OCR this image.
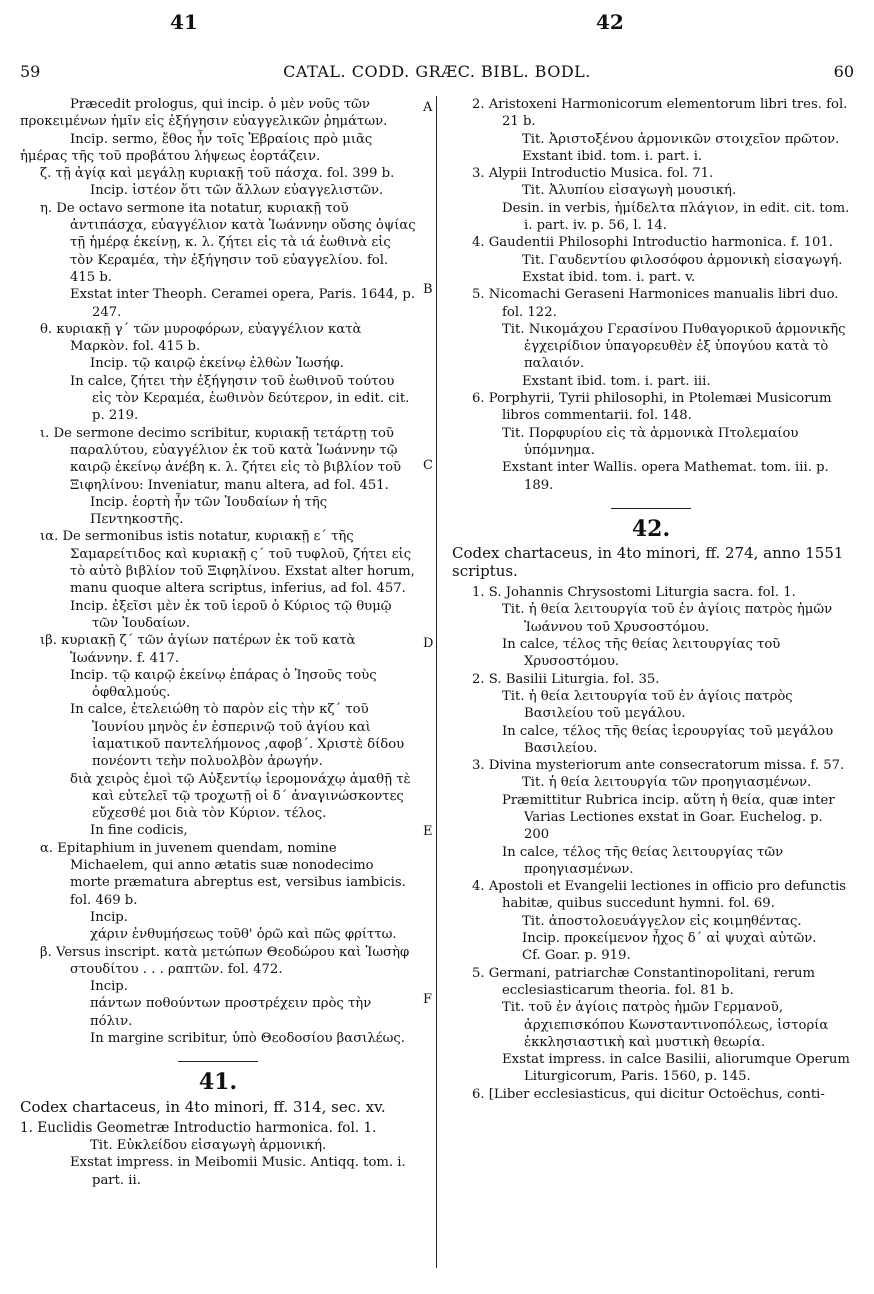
41	42
CATAL. CODD. GRÆC. BIBL. BODL.
59	60
A
B
C
D
E
F

Præcedit prologus, qui incip. ὁ μὲν νοῦς τῶν προκειμένων ἡμῖν εἰς ἐξήγησιν εὐαγγελικῶν ῥημάτων.

Incip. sermo, ἔθος ἦν τοῖς Ἑβραίοις πρὸ μιᾶς ἡμέρας τῆς τοῦ προβάτου λήψεως ἑορτάζειν.

ζ. τῇ ἁγίᾳ καὶ μεγάλῃ κυριακῇ τοῦ πάσχα. fol. 399 b.

Incip. ἰστέον ὅτι τῶν ἄλλων εὐαγγελιστῶν.

η. De octavo sermone ita notatur, κυριακῇ τοῦ ἀντιπάσχα, εὐαγγέλιον κατὰ Ἰωάννην οὔσης ὀψίας τῇ ἡμέρᾳ ἐκείνῃ, κ. λ. ζήτει εἰς τὰ ιά ἑωθινὰ εἰς τὸν Κεραμέα, τὴν ἐξήγησιν τοῦ εὐαγγελίου. fol. 415 b.

Exstat inter Theoph. Ceramei opera, Paris. 1644, p. 247.

θ. κυριακῇ γ´ τῶν μυροφόρων, εὐαγγέλιον κατὰ Μαρκὸν. fol. 415 b.

Incip. τῷ καιρῷ ἐκείνῳ ἐλθὼν Ἰωσήφ.

In calce, ζήτει τὴν ἐξήγησιν τοῦ ἑωθινοῦ τούτου εἰς τὸν Κεραμέα, ἑωθινὸν δεύτερον, in edit. cit. p. 219.

ι. De sermone decimo scribitur, κυριακῇ τετάρτῃ τοῦ παραλύτου, εὐαγγέλιον ἐκ τοῦ κατὰ Ἰωάννην τῷ καιρῷ ἐκείνῳ ἀνέβη κ. λ. ζήτει εἰς τὸ βιβλίον τοῦ Ξιφηλίνου: Inveniatur, manu altera, ad fol. 451.

Incip. ἑορτὴ ἦν τῶν Ἰουδαίων ἡ τῆς Πεντηκοστῆς.

ια. De sermonibus istis notatur, κυριακῇ ε´ τῆς Σαμαρείτιδος καὶ κυριακῇ ς´ τοῦ τυφλοῦ, ζήτει εἰς τὸ αὐτὸ βιβλίον τοῦ Ξιφηλίνου. Exstat alter horum, manu quoque altera scriptus, inferius, ad fol. 457.

Incip. ἐξεῖσι μὲν ἐκ τοῦ ἱεροῦ ὁ Κύριος τῷ θυμῷ τῶν Ἰουδαίων.

ιβ. κυριακῇ ζ´ τῶν ἁγίων πατέρων ἐκ τοῦ κατὰ Ἰωάννην. f. 417.

Incip. τῷ καιρῷ ἐκείνῳ ἐπάρας ὁ Ἰησοῦς τοὺς ὀφθαλμούς.

In calce, ἐτελειώθη τὸ παρὸν εἰς τὴν κζ´ τοῦ Ἰουνίου μηνὸς ἐν ἑσπερινῷ τοῦ ἁγίου καὶ ἰαματικοῦ παντελήμονος ,αφοβ´. Χριστὲ δίδου πονέοντι τεὴν πολυολβὸν ἀρωγήν.

διὰ χειρὸς ἐμοὶ τῷ Αὐξεντίῳ ἱερομονάχῳ ἀμαθῇ τὲ καὶ εὐτελεῖ τῷ τροχωτῇ οἱ δ´ ἀναγινώσκοντες εὔχεσθέ μοι διὰ τὸν Κύριον. τέλος.

In fine codicis,

α. Epitaphium in juvenem quendam, nomine Michaelem, qui anno ætatis suæ nonodecimo morte præmatura abreptus est, versibus iambicis. fol. 469 b.

Incip.

χάριν ἐνθυμήσεως τοῦθ' ὁρῶ καὶ πῶς φρίττω.

β. Versus inscript. κατὰ μετώπων Θεοδώρου καὶ Ἰωσὴφ στουδίτου . . . ραπτῶν. fol. 472.

Incip.

πάντων ποθούντων προστρέχειν πρὸς τὴν πόλιν.

In margine scribitur, ὑπὸ Θεοδοσίου βασιλέως.

41.

Codex chartaceus, in 4to minori, ff. 314, sec. xv.

1. Euclidis Geometræ Introductio harmonica. fol. 1.

Tit. Εὐκλείδου εἰσαγωγὴ ἁρμονική.

Exstat impress. in Meibomii Music. Antiqq. tom. i. part. ii.

2. Aristoxeni Harmonicorum elementorum libri tres. fol. 21 b.

Tit. Ἀριστοξένου ἁρμονικῶν στοιχεῖον πρῶτον.

Exstant ibid. tom. i. part. i.

3. Alypii Introductio Musica. fol. 71.

Tit. Ἀλυπίου εἰσαγωγὴ μουσική.

Desin. in verbis, ἡμίδελτα πλάγιον, in edit. cit. tom. i. part. iv. p. 56, l. 14.

4. Gaudentii Philosophi Introductio harmonica. f. 101.

Tit. Γαυδεντίου φιλοσόφου ἁρμονικὴ εἰσαγωγή.

Exstat ibid. tom. i. part. v.

5. Nicomachi Geraseni Harmonices manualis libri duo. fol. 122.

Tit. Νικομάχου Γερασίνου Πυθαγορικοῦ ἁρμονικῆς ἐγχειρίδιον ὑπαγορευθὲν ἐξ ὑπογύου κατὰ τὸ παλαιόν.

Exstant ibid. tom. i. part. iii.

6. Porphyrii, Tyrii philosophi, in Ptolemæi Musicorum libros commentarii. fol. 148.

Tit. Πορφυρίου εἰς τὰ ἁρμονικὰ Πτολεμαίου ὑπόμνημα.

Exstant inter Wallis. opera Mathemat. tom. iii. p. 189.

42.

Codex chartaceus, in 4to minori, ff. 274, anno 1551 scriptus.

1. S. Johannis Chrysostomi Liturgia sacra. fol. 1.

Tit. ἡ θεία λειτουργία τοῦ ἐν ἁγίοις πατρὸς ἡμῶν Ἰωάννου τοῦ Χρυσοστόμου.

In calce, τέλος τῆς θείας λειτουργίας τοῦ Χρυσοστόμου.

2. S. Basilii Liturgia. fol. 35.

Tit. ἡ θεία λειτουργία τοῦ ἐν ἁγίοις πατρὸς Βασιλείου τοῦ μεγάλου.

In calce, τέλος τῆς θείας ἱερουργίας τοῦ μεγάλου Βασιλείου.

3. Divina mysteriorum ante consecratorum missa. f. 57.

Tit. ἡ θεία λειτουργία τῶν προηγιασμένων.

Præmittitur Rubrica incip. αὕτη ἡ θεία, quæ inter Varias Lectiones exstat in Goar. Euchelog. p. 200

In calce, τέλος τῆς θείας λειτουργίας τῶν προηγιασμένων.

4. Apostoli et Evangelii lectiones in officio pro defunctis habitæ, quibus succedunt hymni. fol. 69.

Tit. ἀποστολοευάγγελον εἰς κοιμηθέντας.

Incip. προκείμενον ἦχος δ´ αἱ ψυχαὶ αὐτῶν.

Cf. Goar. p. 919.

5. Germani, patriarchæ Constantinopolitani, rerum ecclesiasticarum theoria. fol. 81 b.

Tit. τοῦ ἐν ἁγίοις πατρὸς ἡμῶν Γερμανοῦ, ἀρχιεπισκόπου Κωνσταντινοπόλεως, ἱστορία ἐκκλησιαστικὴ καὶ μυστικὴ θεωρία.

Exstat impress. in calce Basilii, aliorumque Operum Liturgicorum, Paris. 1560, p. 145.

6. [Liber ecclesiasticus, qui dicitur Octoëchus, conti-
